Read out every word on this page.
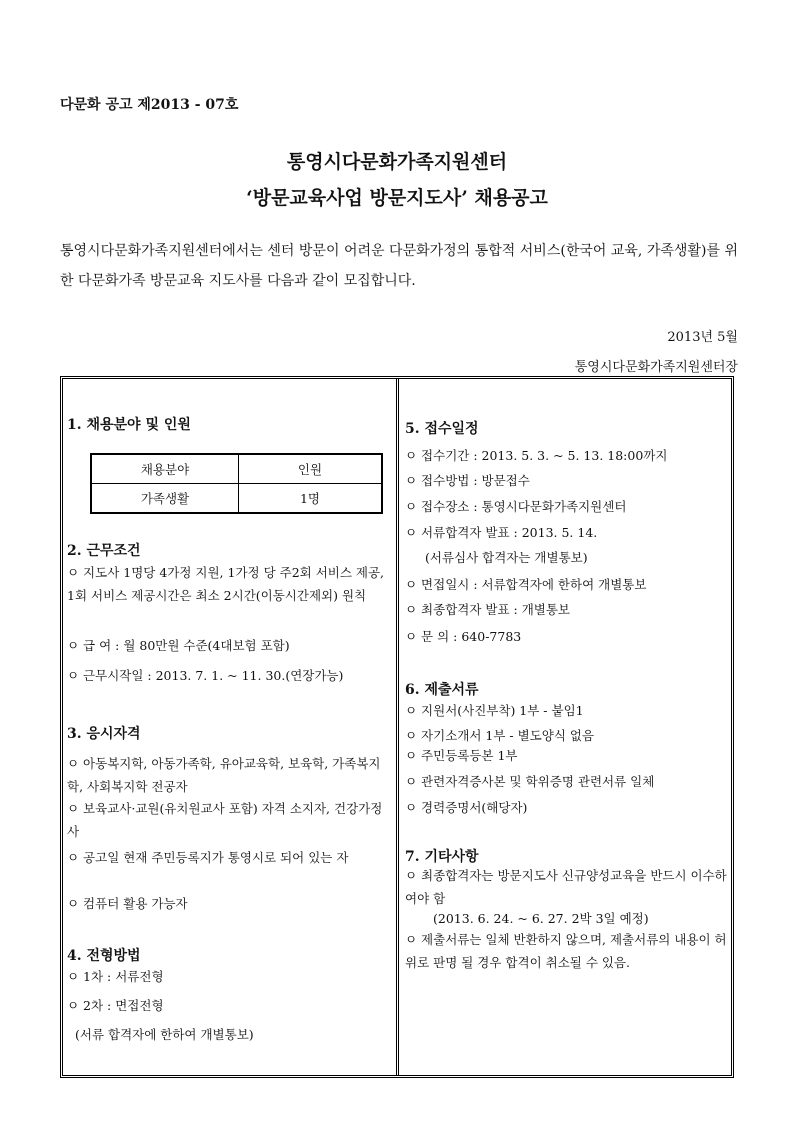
다문화 공고 제2013 - 07호
통영시다문화가족지원센터
‘방문교육사업 방문지도사’ 채용공고
통영시다문화가족지원센터에서는 센터 방문이 어려운 다문화가정의 통합적 서비스(한국어 교육, 가족생활)를 위한 다문화가족 방문교육 지도사를 다음과 같이 모집합니다.
2013년 5월
통영시다문화가족지원센터장
1. 채용분야 및 인원
채용분야	인원
가족생활	1명
2. 근무조건
ㅇ 지도사 1명당 4가정 지원, 1가정 당 주2회 서비스 제공, 1회 서비스 제공시간은 최소 2시간(이동시간제외) 원칙
ㅇ 급 여 : 월 80만원 수준(4대보험 포함)
ㅇ 근무시작일 : 2013. 7. 1. ~ 11. 30.(연장가능)
3. 응시자격
ㅇ 아동복지학, 아동가족학, 유아교육학, 보육학, 가족복지학, 사회복지학 전공자
ㅇ 보육교사·교원(유치원교사 포함) 자격 소지자, 건강가정사
ㅇ 공고일 현재 주민등록지가 통영시로 되어 있는 자
ㅇ 컴퓨터 활용 가능자
4. 전형방법
ㅇ 1차 : 서류전형
ㅇ 2차 : 면접전형
(서류 합격자에 한하여 개별통보)
5. 접수일정
ㅇ 접수기간 : 2013. 5. 3. ~ 5. 13. 18:00까지
ㅇ 접수방법 : 방문접수
ㅇ 접수장소 : 통영시다문화가족지원센터
ㅇ 서류합격자 발표 : 2013. 5. 14.
(서류심사 합격자는 개별통보)
ㅇ 면접일시 : 서류합격자에 한하여 개별통보
ㅇ 최종합격자 발표 : 개별통보
ㅇ 문 의 : 640-7783
6. 제출서류
ㅇ 지원서(사진부착) 1부 - 붙임1
ㅇ 자기소개서 1부 - 별도양식 없음
ㅇ 주민등록등본 1부
ㅇ 관련자격증사본 및 학위증명 관련서류 일체
ㅇ 경력증명서(해당자)
7. 기타사항
ㅇ 최종합격자는 방문지도사 신규양성교육을 반드시 이수하여야 함
(2013. 6. 24. ~ 6. 27. 2박 3일 예정)
ㅇ 제출서류는 일체 반환하지 않으며, 제출서류의 내용이 허위로 판명 될 경우 합격이 취소될 수 있음.
